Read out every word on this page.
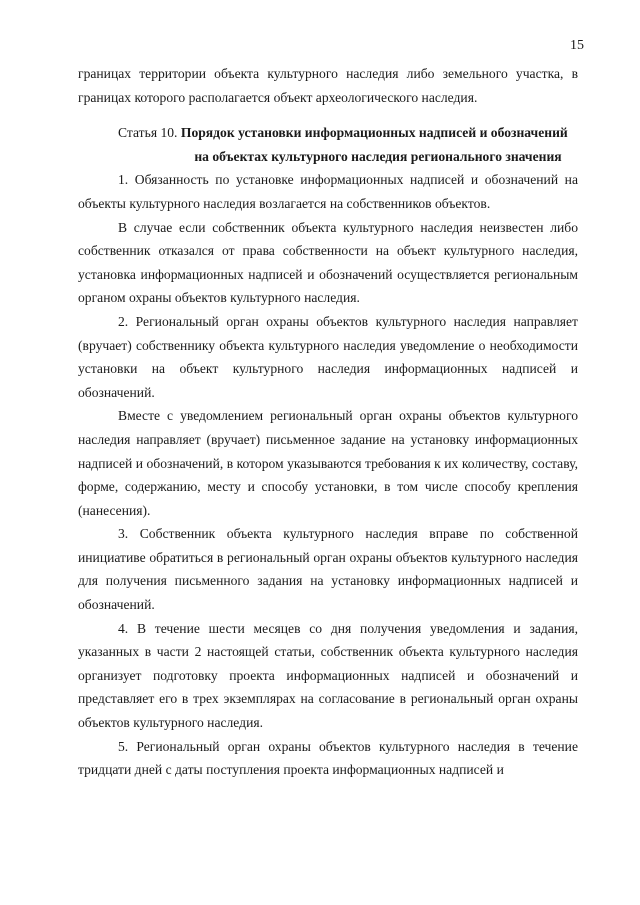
15

границах территории объекта культурного наследия либо земельного участка, в границах которого располагается объект археологического наследия.

Статья 10. Порядок установки информационных надписей и обозначений
на объектах культурного наследия регионального значения

1. Обязанность по установке информационных надписей и обозначений на объекты культурного наследия возлагается на собственников объектов.

В случае если собственник объекта культурного наследия неизвестен либо собственник отказался от права собственности на объект культурного наследия, установка информационных надписей и обозначений осуществляется региональным органом охраны объектов культурного наследия.

2. Региональный орган охраны объектов культурного наследия направляет (вручает) собственнику объекта культурного наследия уведомление о необходимости установки на объект культурного наследия информационных надписей и обозначений.

Вместе с уведомлением региональный орган охраны объектов культурного наследия направляет (вручает) письменное задание на установку информационных надписей и обозначений, в котором указываются требования к их количеству, составу, форме, содержанию, месту и способу установки, в том числе способу крепления (нанесения).

3. Собственник объекта культурного наследия вправе по собственной инициативе обратиться в региональный орган охраны объектов культурного наследия для получения письменного задания на установку информационных надписей и обозначений.

4. В течение шести месяцев со дня получения уведомления и задания, указанных в части 2 настоящей статьи, собственник объекта культурного наследия организует подготовку проекта информационных надписей и обозначений и представляет его в трех экземплярах на согласование в региональный орган охраны объектов культурного наследия.

5. Региональный орган охраны объектов культурного наследия в течение тридцати дней с даты поступления проекта информационных надписей и
